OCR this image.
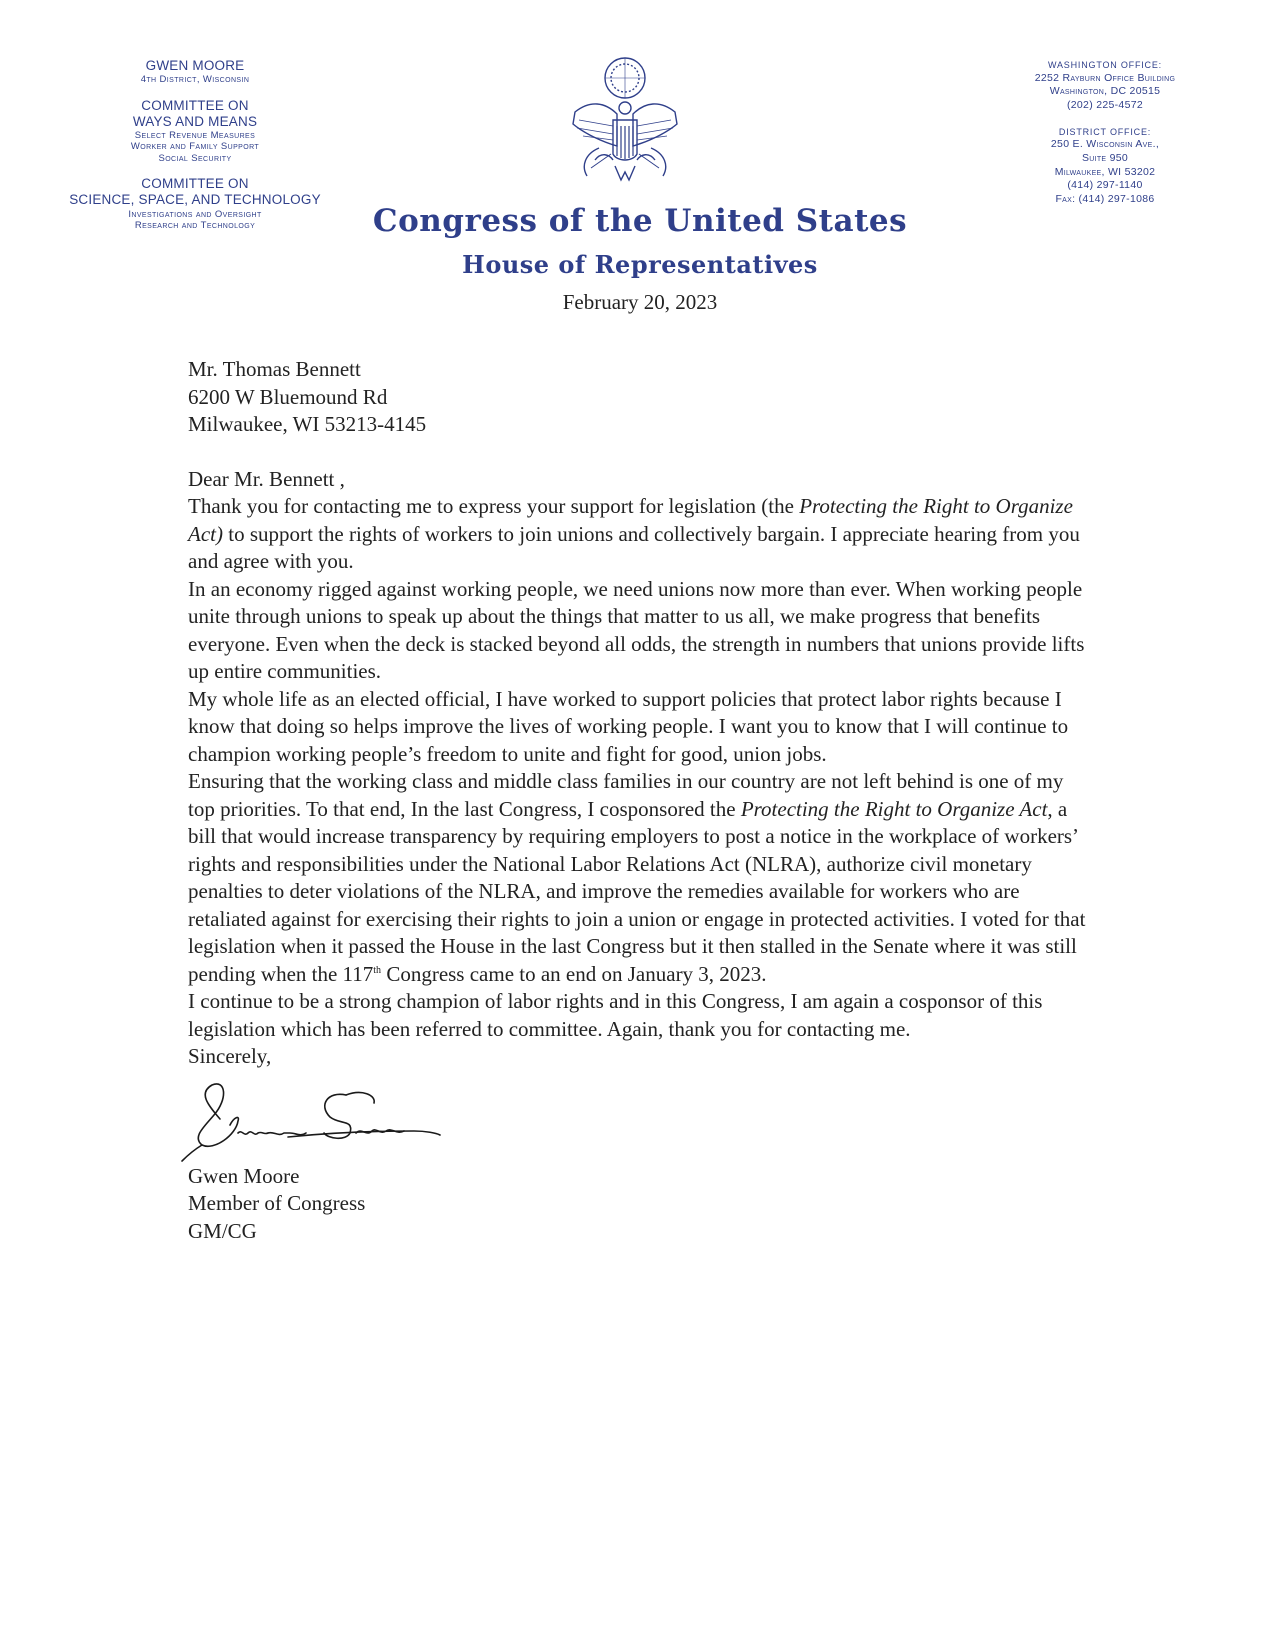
GWEN MOORE
4th District, Wisconsin
COMMITTEE ON
WAYS AND MEANS
Select Revenue Measures
Worker and Family Support
Social Security
COMMITTEE ON
SCIENCE, SPACE, AND TECHNOLOGY
Investigations and Oversight
Research and Technology
WASHINGTON OFFICE:
2252 Rayburn Office Building
Washington, DC 20515
(202) 225-4572
DISTRICT OFFICE:
250 E. Wisconsin Ave.,
Suite 950
Milwaukee, WI 53202
(414) 297-1140
Fax: (414) 297-1086
Congress of the United States
House of Representatives
February 20, 2023

Mr. Thomas Bennett

6200 W Bluemound Rd

Milwaukee, WI 53213-4145

Dear Mr. Bennett ,

Thank you for contacting me to express your support for legislation (the Protecting the Right to Organize Act) to support the rights of workers to join unions and collectively bargain. I appreciate hearing from you and agree with you.

In an economy rigged against working people, we need unions now more than ever. When working people unite through unions to speak up about the things that matter to us all, we make progress that benefits everyone. Even when the deck is stacked beyond all odds, the strength in numbers that unions provide lifts up entire communities.

My whole life as an elected official, I have worked to support policies that protect labor rights because I know that doing so helps improve the lives of working people. I want you to know that I will continue to champion working people’s freedom to unite and fight for good, union jobs.

Ensuring that the working class and middle class families in our country are not left behind is one of my top priorities. To that end, In the last Congress, I cosponsored the Protecting the Right to Organize Act, a bill that would increase transparency by requiring employers to post a notice in the workplace of workers’ rights and responsibilities under the National Labor Relations Act (NLRA), authorize civil monetary penalties to deter violations of the NLRA, and improve the remedies available for workers who are retaliated against for exercising their rights to join a union or engage in protected activities. I voted for that legislation when it passed the House in the last Congress but it then stalled in the Senate where it was still pending when the 117th Congress came to an end on January 3, 2023.

I continue to be a strong champion of labor rights and in this Congress, I am again a cosponsor of this legislation which has been referred to committee. Again, thank you for contacting me.

Sincerely,

Gwen Moore

Gwen Moore

Member of Congress

GM/CG
